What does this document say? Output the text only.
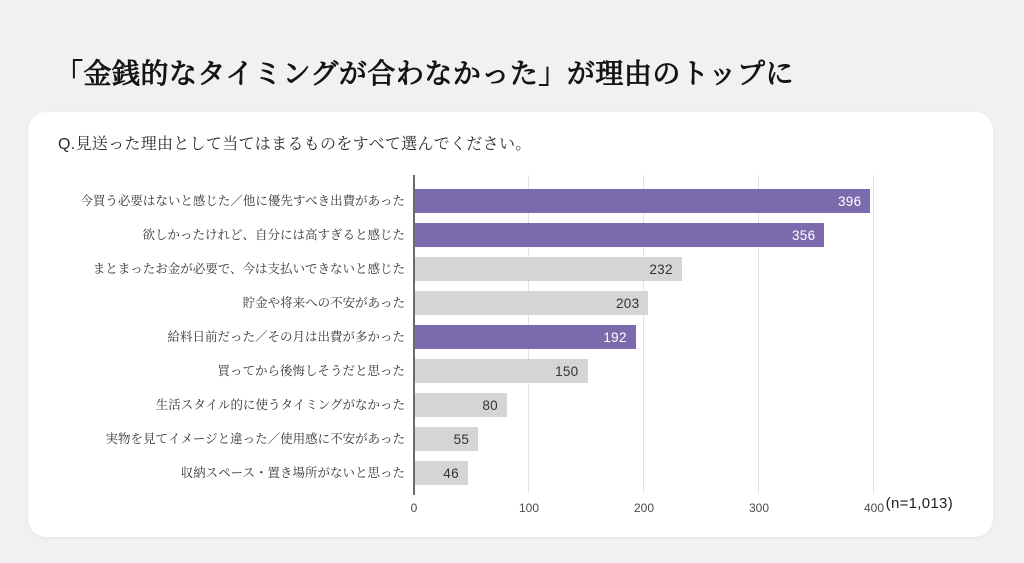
「金銭的なタイミングが合わなかった」が理由のトップに
Q.見送った理由として当てはまるものをすべて選んでください。
(n=1,013)
0	100	200	300	400
今買う必要はないと感じた／他に優先すべき出費があった	396
欲しかったけれど、自分には高すぎると感じた	356
まとまったお金が必要で、今は支払いできないと感じた	232
貯金や将来への不安があった	203
給料日前だった／その月は出費が多かった	192
買ってから後悔しそうだと思った	150
生活スタイル的に使うタイミングがなかった	80
実物を見てイメージと違った／使用感に不安があった	55
収納スペース・置き場所がないと思った	46
